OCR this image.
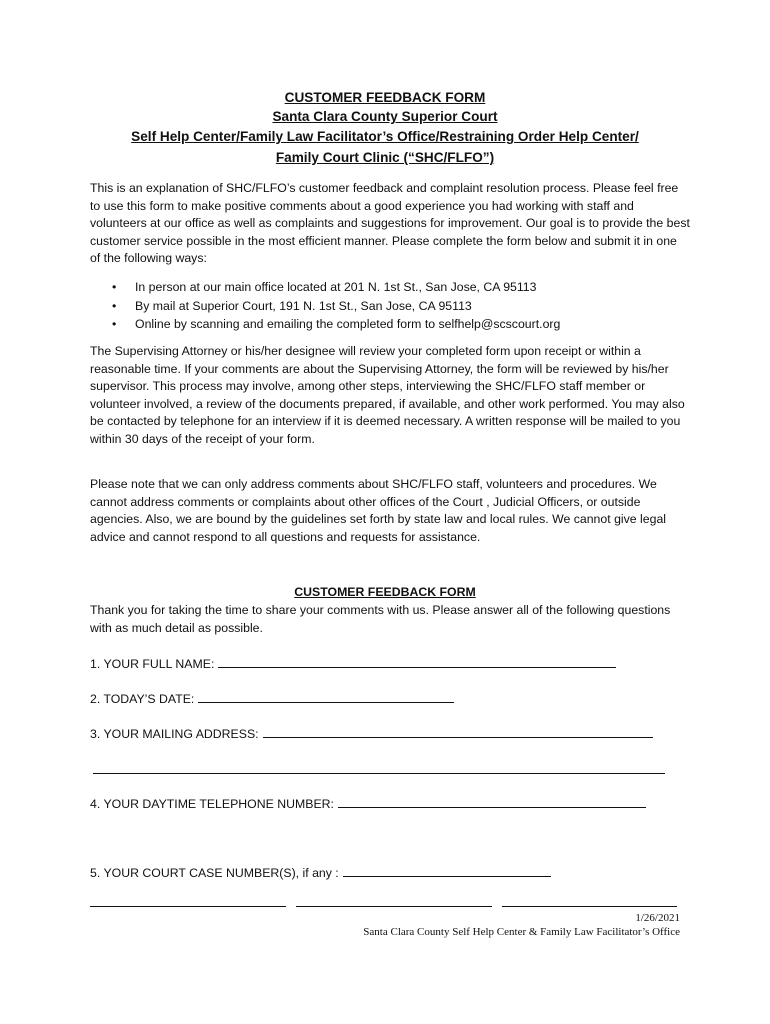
CUSTOMER FEEDBACK FORM
Santa Clara County Superior Court
Self Help Center/Family Law Facilitator’s Office/Restraining Order Help Center/
Family Court Clinic (“SHC/FLFO”)
This is an explanation of SHC/FLFO’s customer feedback and complaint resolution process. Please feel free to use this form to make positive comments about a good experience you had working with staff and volunteers at our office as well as complaints and suggestions for improvement. Our goal is to provide the best customer service possible in the most efficient manner. Please complete the form below and submit it in one of the following ways:
• In person at our main office located at 201 N. 1st St., San Jose, CA 95113
• By mail at Superior Court, 191 N. 1st St., San Jose, CA 95113
• Online by scanning and emailing the completed form to selfhelp@scscourt.org
The Supervising Attorney or his/her designee will review your completed form upon receipt or within a reasonable time. If your comments are about the Supervising Attorney, the form will be reviewed by his/her supervisor. This process may involve, among other steps, interviewing the SHC/FLFO staff member or volunteer involved, a review of the documents prepared, if available, and other work performed. You may also be contacted by telephone for an interview if it is deemed necessary. A written response will be mailed to you within 30 days of the receipt of your form.
Please note that we can only address comments about SHC/FLFO staff, volunteers and procedures. We cannot address comments or complaints about other offices of the Court , Judicial Officers, or outside agencies. Also, we are bound by the guidelines set forth by state law and local rules. We cannot give legal advice and cannot respond to all questions and requests for assistance.
CUSTOMER FEEDBACK FORM
Thank you for taking the time to share your comments with us. Please answer all of the following questions with as much detail as possible.
1. YOUR FULL NAME:
2. TODAY’S DATE:
3. YOUR MAILING ADDRESS:
4. YOUR DAYTIME TELEPHONE NUMBER:
5. YOUR COURT CASE NUMBER(S), if any :
1/26/2021
Santa Clara County Self Help Center & Family Law Facilitator’s Office
